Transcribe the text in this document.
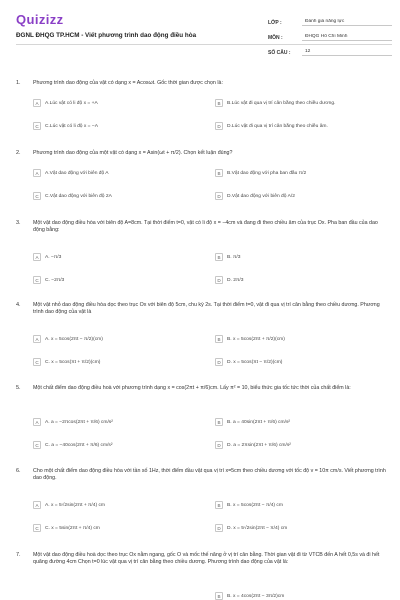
Quizizz
ĐGNL ĐHQG TP.HCM - Viết phương trình dao động điều hòa
LỚP :	Đánh giá năng lực
MÔN :	ĐHQG Hồ Chí Minh
SỐ CÂU :	12
1. Phương trình dao động của vật có dạng x = Acosωt. Gốc thời gian được chọn là:
A	A.Lúc vật có li độ x = +A	B	B.Lúc vật đi qua vị trí cân bằng theo chiều dương.
C	C.Lúc vật có li độ x = −A	D	D.Lúc vật đi qua vị trí cân bằng theo chiều âm.
2. Phương trình dao động của một vật có dạng x = Asin(ωt + π/2). Chọn kết luận đúng?
A	A.Vật dao động với biên độ A	B	B.Vật dao động với pha ban đầu π/2
C	C.Vật dao động với biên độ 2A	D	D.Vật dao động với biên độ A/2
3. Một vật dao động điều hòa với biên độ A=8cm. Tại thời điểm t=0, vật có li độ x = −4cm và đang đi theo chiều âm của trục Ox. Pha ban đầu của dao động bằng:
A	A. −π/3	B	B. π/3
C	C. −2π/3	D	D. 2π/3
4. Một vật nhỏ dao động điều hòa dọc theo trục Ox với biên độ 5cm, chu kỳ 2s. Tại thời điểm t=0, vật đi qua vị trí cân bằng theo chiều dương. Phương trình dao động của vật là
A	A. x = 5cos(2πt − π/2)(cm)	B	B. x = 5cos(2πt + π/2)(cm)
C	C. x = 5cos(πt + π/2)(cm)	D	D. x = 5cos(πt − π/2)(cm)
5. Một chất điểm dao động điều hoà với phương trình dạng x = cos(2πt + π/6)cm. Lấy π² = 10, biểu thức gia tốc tức thời của chất điểm là:
A	A. a = −2πcos(2πt + π/6) cm/s²	B	B. a = 40sin(2πt + π/6) cm/s²
C	C. a = −40cos(2πt + π/6) cm/s²	D	D. a = 2πsin(2πt + π/6) cm/s²
6. Cho một chất điểm dao động điều hòa với tần số 1Hz, thời điểm đầu vật qua vị trí x=5cm theo chiều dương với tốc độ v = 10π cm/s. Viết phương trình dao động.
A	A. x = 5√2sin(2πt + π/4) cm	B	B. x = 5cos(2πt − π/4) cm
C	C. x = 5sin(2πt + π/4) cm	D	D. x = 5√2sin(2πt − π/4) cm
7. Một vật dao động điều hoà dọc theo trục Ox nằm ngang, gốc O và mốc thế năng ở vị trí cân bằng. Thời gian vật đi từ VTCB đến A hết 0,5s và đi hết quãng đường 4cm Chọn t=0 lúc vật qua vị trí cân bằng theo chiều dương. Phương trình dao động của vật là:
B	B. x = 4cos(2πt − 3π/2)cm
